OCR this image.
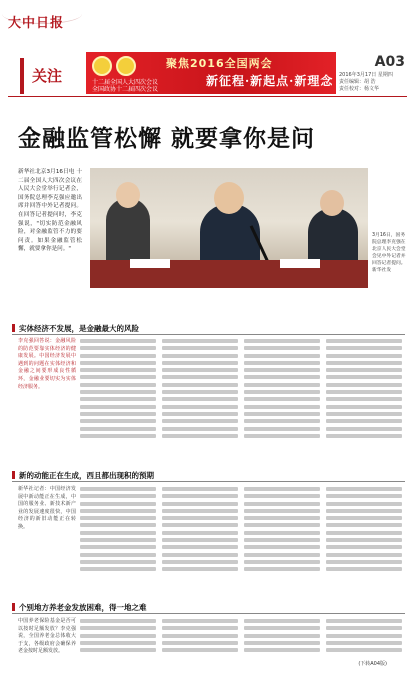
大中日报
关注
聚焦2016全国两会
十二届全国人大四次会议
全国政协十二届四次会议
新征程·新起点·新理念
A03
2016年3月17日 星期四
责任编辑：胡 浩
责任校对：杨文华
金融监管松懈 就要拿你是问
新华社北京3月16日电 十二届全国人大四次会议在人民大会堂举行记者会，国务院总理李克强应邀出席并回答中外记者提问。在回答记者提问时，李克强说，"切实防范金融风险，对金融监管不力的要问责。如果金融监管松懈，就要拿你是问。"
3月16日，国务院总理李克强在北京人民大会堂会见中外记者并回答记者提问。新华社发
实体经济不发展，是金融最大的风险
李克强回答说：金融风险的防范要靠实体经济的健康发展。中国经济发展中遇到的问题在实体经济和金融之间要形成良性循环，金融业要切实为实体经济服务。
新的动能正在生成，西且都出现积的预期
新华社记者：中国经济发展中新动能正在生成，中国的服务业、新技术新产业的发展速度很快，中国经济的新旧动能正在转换。
个别地方养老金发放困难，得一地之难
中国养老保险基金是否可以按时足额发放？李克强说，全国养老金总体收大于支，各级政府会确保养老金按时足额发放。
(下转A04版)
